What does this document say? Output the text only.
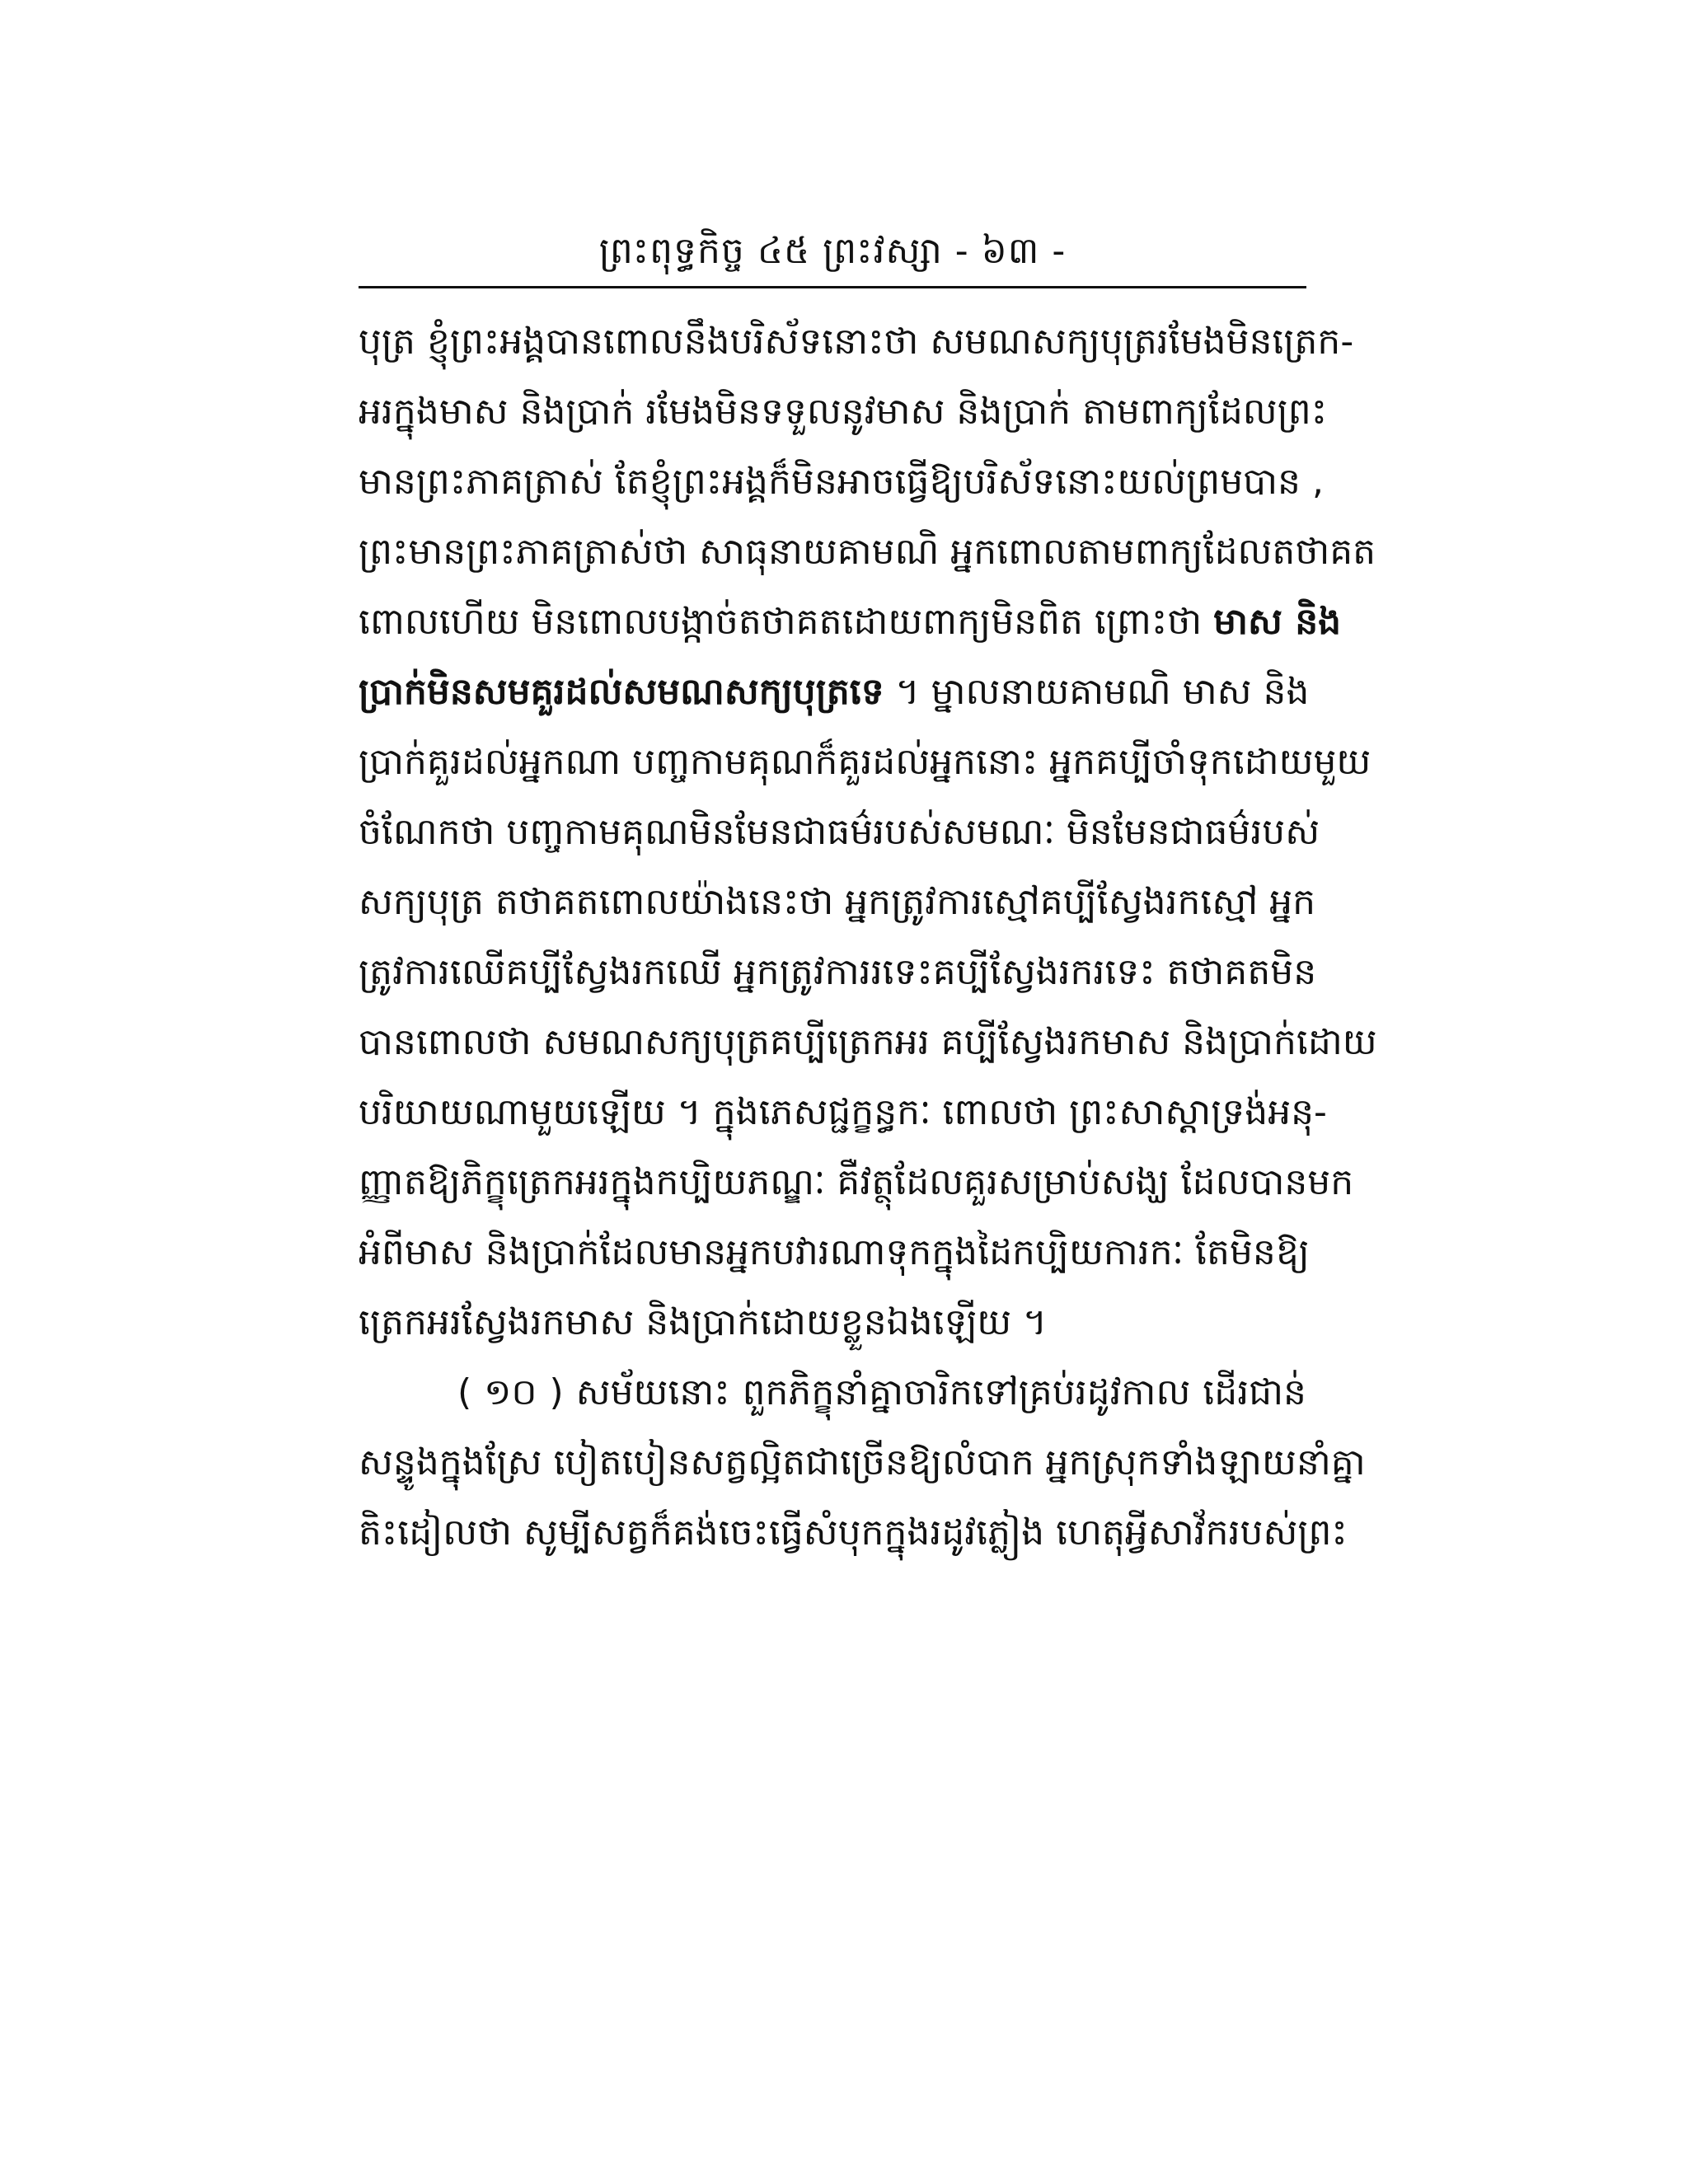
ព្រះពុទ្ធកិច្ច ៤៥ ព្រះវស្សា - ៦៣ -
បុត្រ ខ្ញុំព្រះអង្គបានពោលនឹងបរិស័ទនោះថា សមណសក្យបុត្ររមែងមិនត្រេក-
អរក្នុងមាស និងប្រាក់ រមែងមិនទទួលនូវមាស និងប្រាក់ តាមពាក្យដែលព្រះ
មានព្រះភាគត្រាស់ តែខ្ញុំព្រះអង្គក៏មិនអាចធ្វើឱ្យបរិស័ទនោះយល់ព្រមបាន ,
ព្រះមានព្រះភាគត្រាស់ថា សាធុនាយគាមណិ អ្នកពោលតាមពាក្យដែលតថាគត
ពោលហើយ មិនពោលបង្កាច់តថាគតដោយពាក្យមិនពិត ព្រោះថា មាស និង
ប្រាក់មិនសមគួរដល់សមណសក្យបុត្រទេ ។ ម្នាលនាយគាមណិ មាស និង
ប្រាក់គួរដល់អ្នកណា បញ្ចកាមគុណក៏គួរដល់អ្នកនោះ អ្នកគប្បីចាំទុកដោយមួយ
ចំណែកថា បញ្ចកាមគុណមិនមែនជាធម៌របស់សមណៈ មិនមែនជាធម៌របស់
សក្យបុត្រ តថាគតពោលយ៉ាងនេះថា អ្នកត្រូវការស្មៅគប្បីស្វែងរកស្មៅ អ្នក
ត្រូវការឈើគប្បីស្វែងរកឈើ អ្នកត្រូវការរទេះគប្បីស្វែងរករទេះ តថាគតមិន
បានពោលថា សមណសក្យបុត្រគប្បីត្រេកអរ គប្បីស្វែងរកមាស និងប្រាក់ដោយ
បរិយាយណាមួយឡើយ ។ ក្នុងភេសជ្ជក្ខន្ធកៈ ពោលថា ព្រះសាស្តាទ្រង់អនុ-
ញ្ញាតឱ្យភិក្ខុត្រេកអរក្នុងកប្បិយភណ្ឌៈ គឺវត្ថុដែលគួរសម្រាប់សង្ឃ ដែលបានមក
អំពីមាស និងប្រាក់ដែលមានអ្នកបវារណាទុកក្នុងដៃកប្បិយការកៈ តែមិនឱ្យ
ត្រេកអរស្វែងរកមាស និងប្រាក់ដោយខ្លួនឯងឡើយ ។
( ១០ ) សម័យនោះ ពួកភិក្ខុនាំគ្នាចារិកទៅគ្រប់រដូវកាល ដើរជាន់
សន្ទូងក្នុងស្រែ បៀតបៀនសត្វល្អិតជាច្រើនឱ្យលំបាក អ្នកស្រុកទាំងឡាយនាំគ្នា
តិះដៀលថា សូម្បីសត្វក៏គង់ចេះធ្វើសំបុកក្នុងរដូវភ្លៀង ហេតុអ្វីសាវ័ករបស់ព្រះ
